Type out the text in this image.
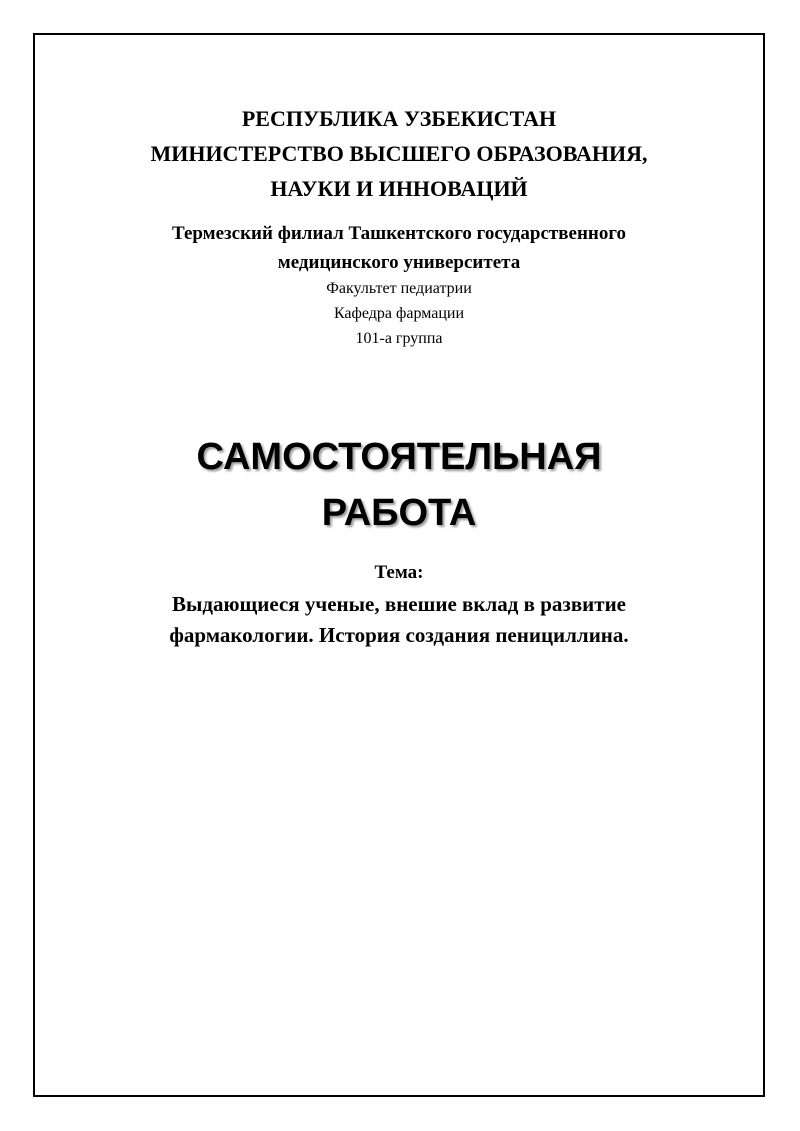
РЕСПУБЛИКА УЗБЕКИСТАН
МИНИСТЕРСТВО ВЫСШЕГО ОБРАЗОВАНИЯ,
НАУКИ И ИННОВАЦИЙ
Термезский филиал Ташкентского государственного
медицинского университета
Факультет педиатрии
Кафедра фармации
101-а группа
САМОСТОЯТЕЛЬНАЯ
РАБОТА
Тема:
Выдающиеся ученые, внешие вклад в развитие
фармакологии. История создания пенициллина.
